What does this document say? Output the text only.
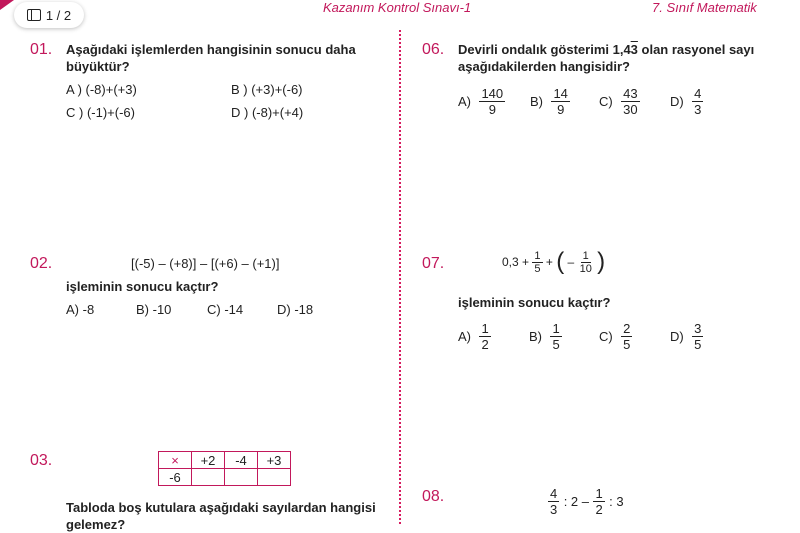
1 / 2	Kazanım Kontrol Sınavı-1	7. Sınıf Matematik
01. Aşağıdaki işlemlerden hangisinin sonucu daha
büyüktür?
A ) (-8)+(+3)	B ) (+3)+(-6)
C ) (-1)+(-6)	D ) (-8)+(+4)
02.	[(-5) – (+8)] – [(+6) – (+1)]
işleminin sonucu kaçtır?
A) -8	B) -10	C) -14	D) -18
03.	×	+2	-4	+3
-6			
Tabloda boş kutulara aşağıdaki sayılardan hangisi
gelemez?
06. Devirli ondalık gösterimi 1,43 olan rasyonel sayı
aşağıdakilerden hangisidir?
$A) \frac{140}{9} B) \frac{14}{9} C) \frac{43}{30} D) \frac{4}{3}$
07.	$0,3 + \frac{1}{5}$ + ( – $\frac{1}{10}$ )
işleminin sonucu kaçtır?
$A) \frac{1}{2}$	$B) \frac{1}{5}$	$C) \frac{2}{5}$	$D) \frac{3}{5}$
08.	$\frac{4}{3}$ : $2 - \frac{1}{2}$ : 3
